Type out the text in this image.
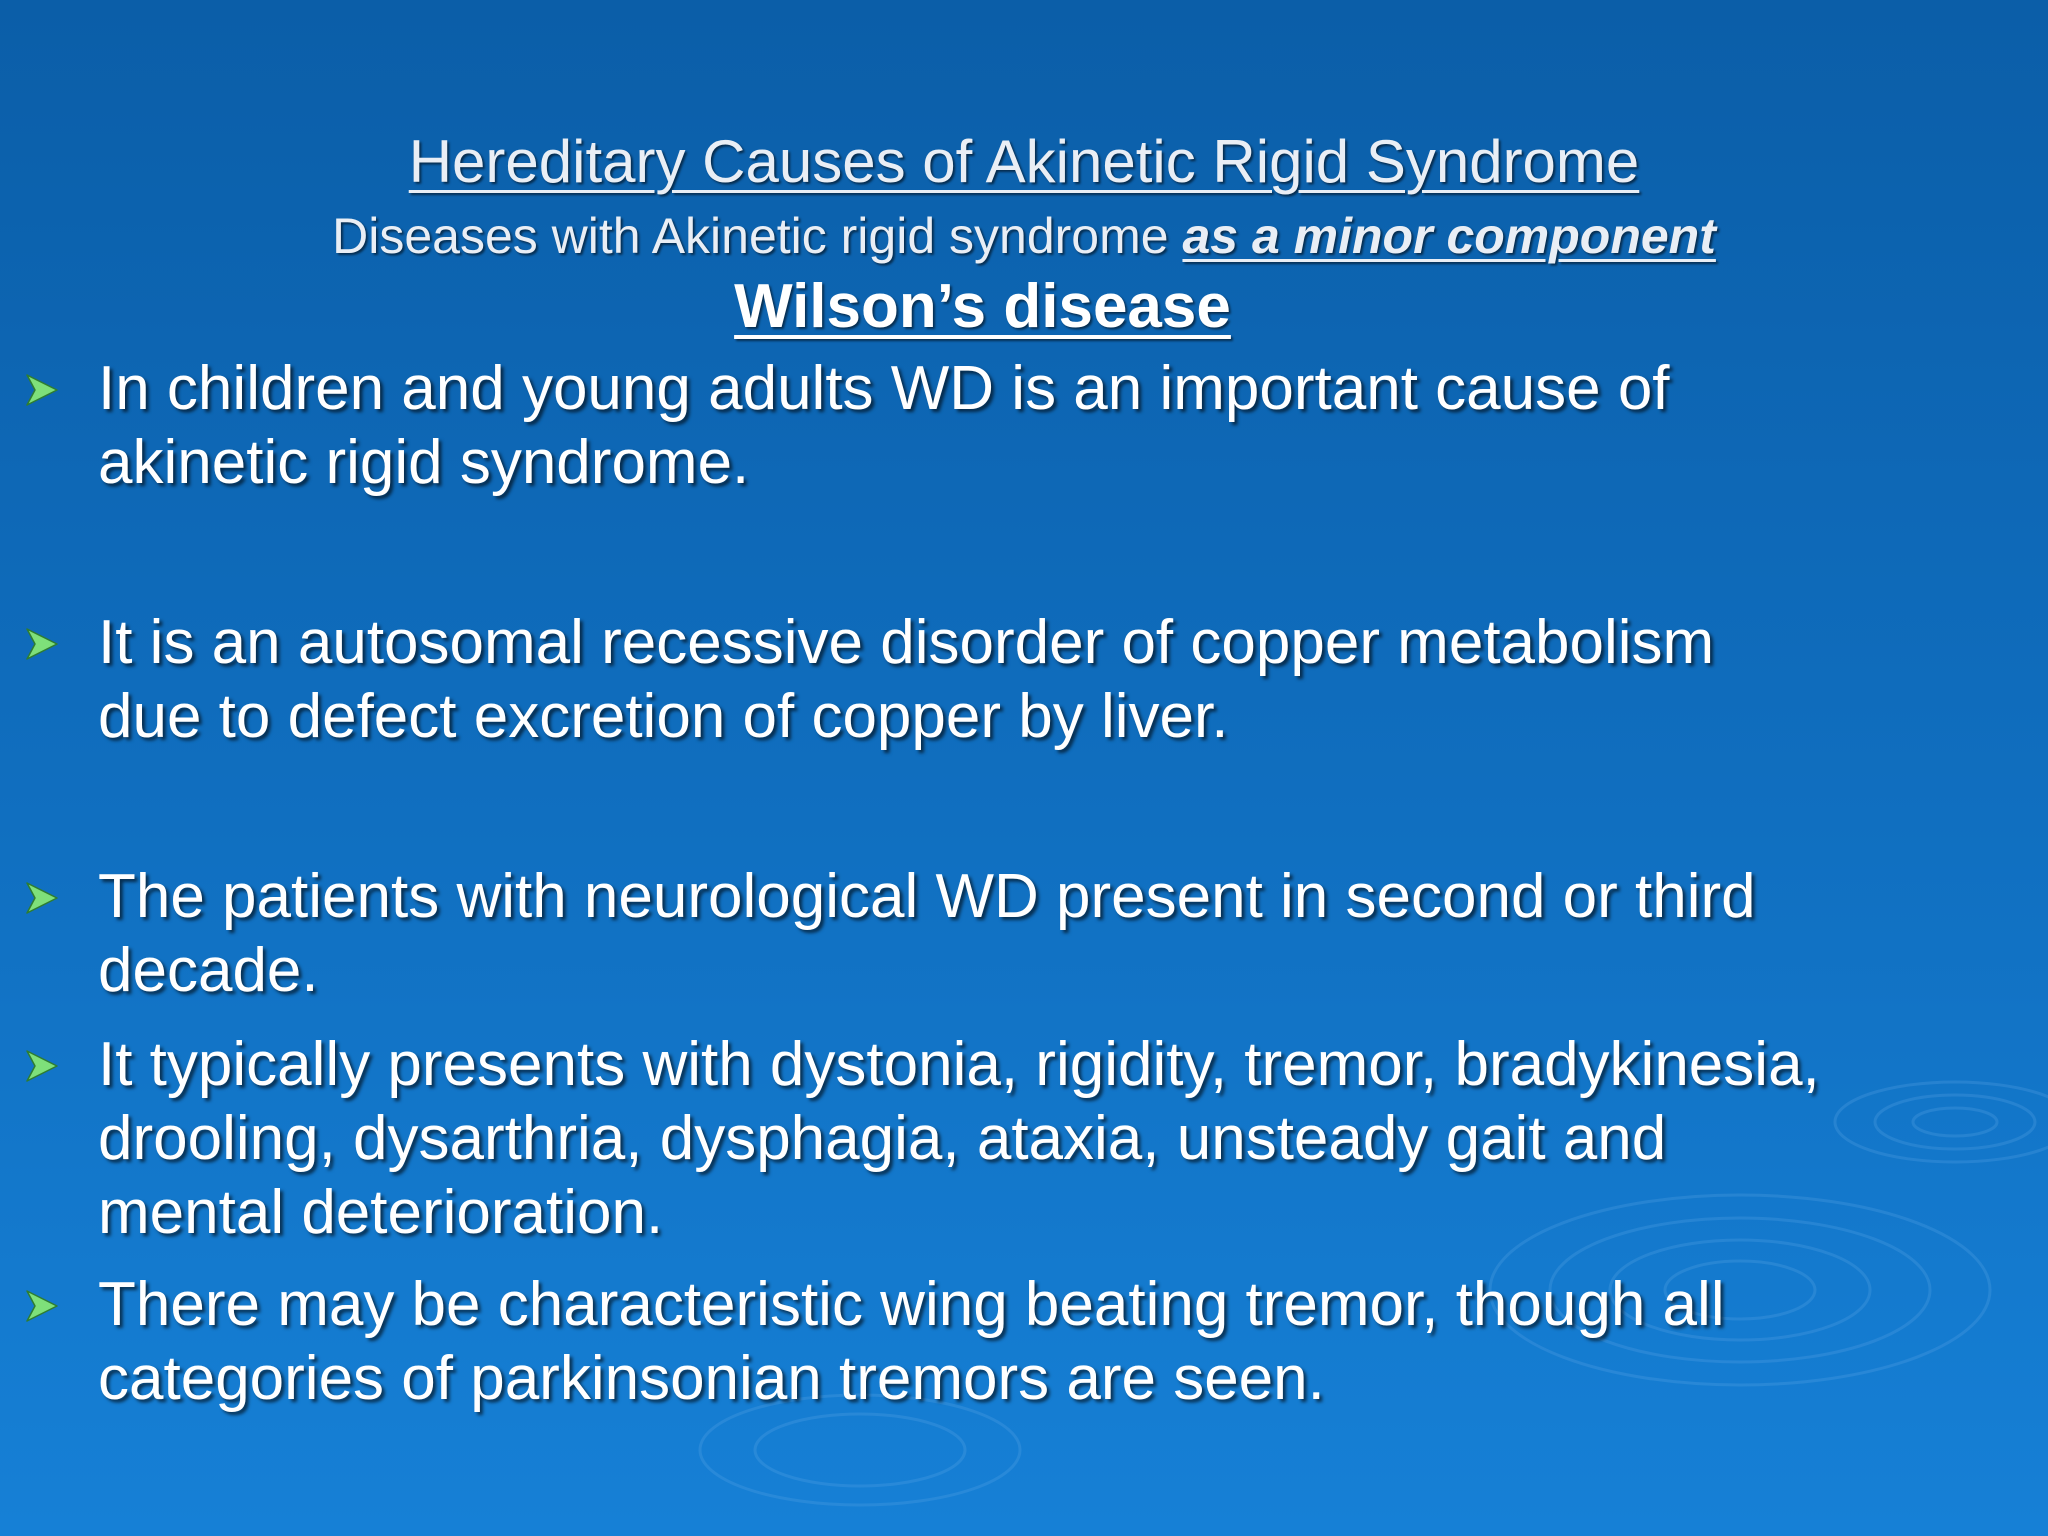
Hereditary Causes of Akinetic Rigid Syndrome
Diseases with Akinetic rigid syndrome as a minor component
Wilson’s disease
In children and young adults WD is an important cause of
akinetic rigid syndrome.
It is an autosomal recessive disorder of copper metabolism
due to defect excretion of copper by liver.
The patients with neurological WD present in second or third
decade.
It typically presents with dystonia, rigidity, tremor, bradykinesia,
drooling, dysarthria, dysphagia, ataxia, unsteady gait and
mental deterioration.
There may be characteristic wing beating tremor, though all
categories of parkinsonian tremors are seen.
